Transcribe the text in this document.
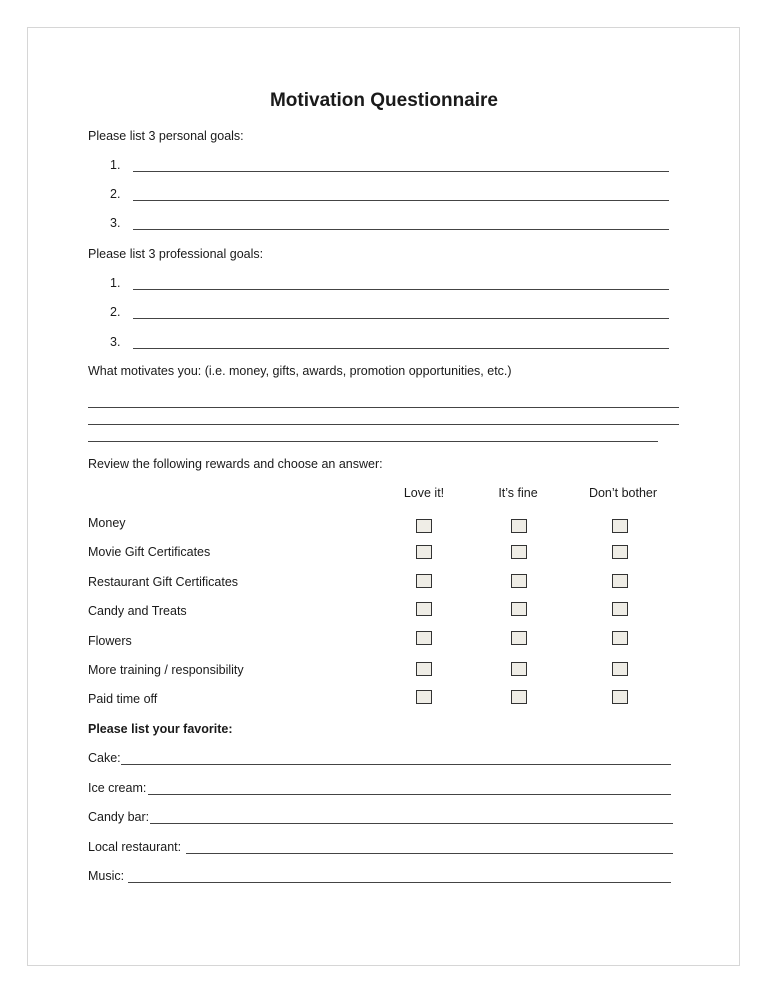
Motivation Questionnaire
Please list 3 personal goals:
1.
2.
3.
Please list 3 professional goals:
1.
2.
3.
What motivates you: (i.e. money, gifts, awards, promotion opportunities, etc.)
Review the following rewards and choose an answer:
Love it!	It’s fine	Don’t bother
Money
Movie Gift Certificates
Restaurant Gift Certificates
Candy and Treats
Flowers
More training / responsibility
Paid time off
Please list your favorite:
Cake:
Ice cream:
Candy bar:
Local restaurant:
Music:
